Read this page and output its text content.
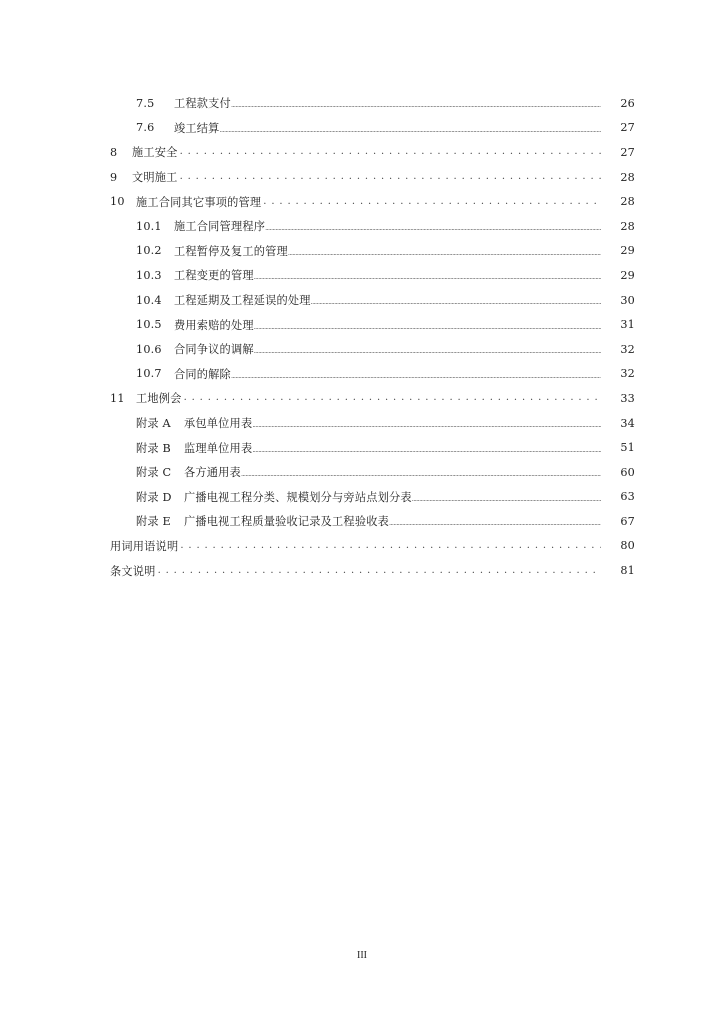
7.5	工程款支付 .....	26
7.6	竣工结算 .....	27
8	施工安全 . . .	27
9	文明施工 . . .	28
10	施工合同其它事项的管理 . . .	28
10.1	施工合同管理程序 .....	28
10.2	工程暂停及复工的管理 .....	29
10.3	工程变更的管理 .....	29
10.4	工程延期及工程延误的处理 .....	30
10.5	费用索赔的处理 .....	31
10.6	合同争议的调解 .....	32
10.7	合同的解除 .....	32
11	工地例会 . . .	33
附录 A	承包单位用表 .....	34
附录 B	监理单位用表 .....	51
附录 C	各方通用表 .....	60
附录 D	广播电视工程分类、规模划分与旁站点划分表 .....	63
附录 E	广播电视工程质量验收记录及工程验收表 .....	67
用词用语说明 . . .	80
条文说明 . . .	81
III
